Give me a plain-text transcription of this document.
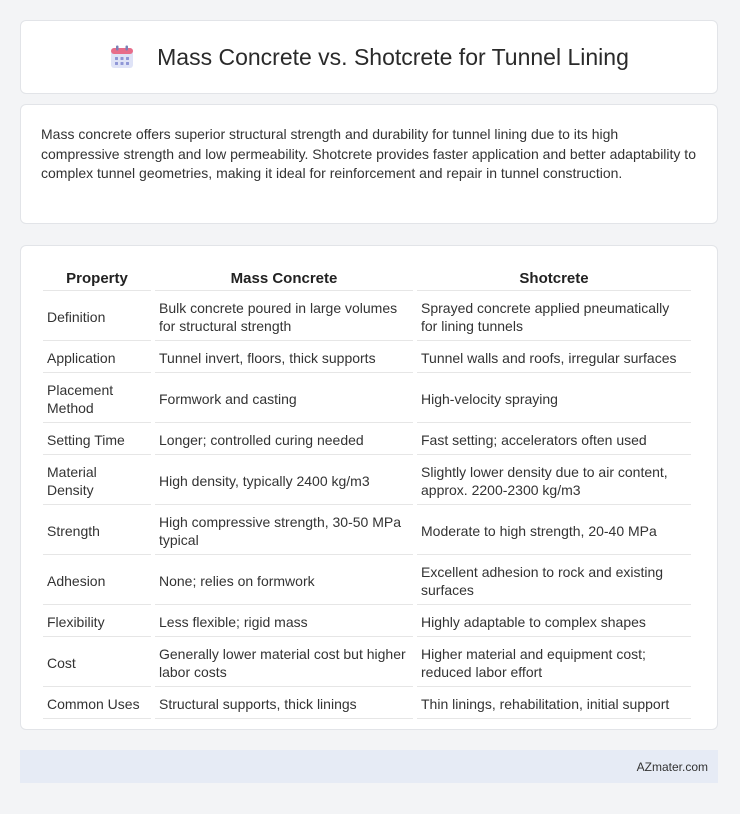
Mass Concrete vs. Shotcrete for Tunnel Lining

Mass concrete offers superior structural strength and durability for tunnel lining due to its high compressive strength and low permeability. Shotcrete provides faster application and better adaptability to complex tunnel geometries, making it ideal for reinforcement and repair in tunnel construction.

Property	Mass Concrete	Shotcrete
Definition	Bulk concrete poured in large volumes for structural strength	Sprayed concrete applied pneumatically for lining tunnels
Application	Tunnel invert, floors, thick supports	Tunnel walls and roofs, irregular surfaces
Placement Method	Formwork and casting	High-velocity spraying
Setting Time	Longer; controlled curing needed	Fast setting; accelerators often used
Material Density	High density, typically 2400 kg/m3	Slightly lower density due to air content, approx. 2200-2300 kg/m3
Strength	High compressive strength, 30-50 MPa typical	Moderate to high strength, 20-40 MPa
Adhesion	None; relies on formwork	Excellent adhesion to rock and existing surfaces
Flexibility	Less flexible; rigid mass	Highly adaptable to complex shapes
Cost	Generally lower material cost but higher labor costs	Higher material and equipment cost; reduced labor effort
Common Uses	Structural supports, thick linings	Thin linings, rehabilitation, initial support
AZmater.com
